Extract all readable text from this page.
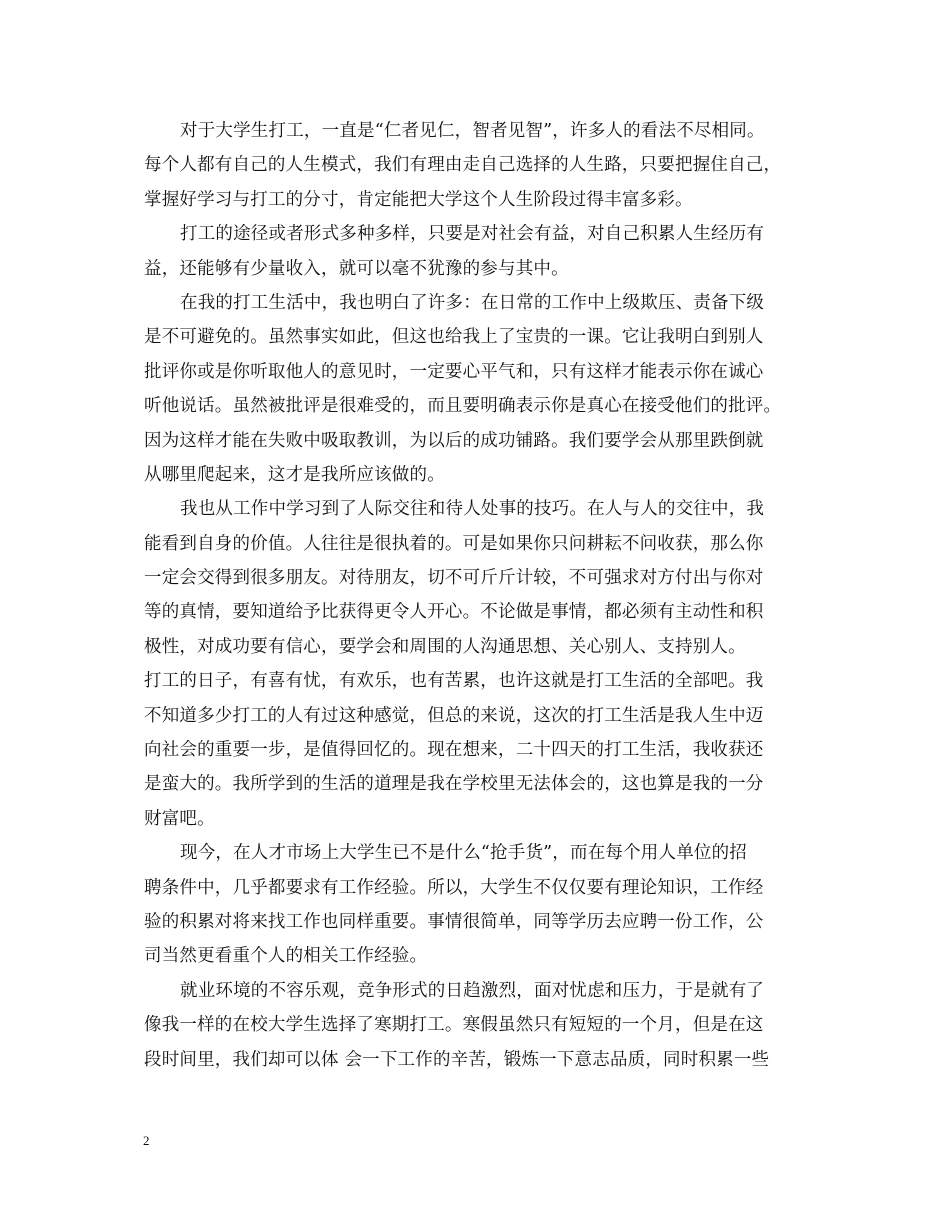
对于大学生打工，一直是“仁者见仁，智者见智”，许多人的看法不尽相同。
每个人都有自己的人生模式，我们有理由走自己选择的人生路，只要把握住自己，
掌握好学习与打工的分寸，肯定能把大学这个人生阶段过得丰富多彩。
打工的途径或者形式多种多样，只要是对社会有益，对自己积累人生经历有
益，还能够有少量收入，就可以毫不犹豫的参与其中。
在我的打工生活中，我也明白了许多：在日常的工作中上级欺压、责备下级
是不可避免的。虽然事实如此，但这也给我上了宝贵的一课。它让我明白到别人
批评你或是你听取他人的意见时，一定要心平气和，只有这样才能表示你在诚心
听他说话。虽然被批评是很难受的，而且要明确表示你是真心在接受他们的批评。
因为这样才能在失败中吸取教训，为以后的成功铺路。我们要学会从那里跌倒就
从哪里爬起来，这才是我所应该做的。
我也从工作中学习到了人际交往和待人处事的技巧。在人与人的交往中，我
能看到自身的价值。人往往是很执着的。可是如果你只问耕耘不问收获，那么你
一定会交得到很多朋友。对待朋友，切不可斤斤计较，不可强求对方付出与你对
等的真情，要知道给予比获得更令人开心。不论做是事情，都必须有主动性和积
极性，对成功要有信心，要学会和周围的人沟通思想、关心别人、支持别人。
打工的日子，有喜有忧，有欢乐，也有苦累，也许这就是打工生活的全部吧。我
不知道多少打工的人有过这种感觉，但总的来说，这次的打工生活是我人生中迈
向社会的重要一步，是值得回忆的。现在想来，二十四天的打工生活，我收获还
是蛮大的。我所学到的生活的道理是我在学校里无法体会的，这也算是我的一分
财富吧。
现今，在人才市场上大学生已不是什么“抢手货”，而在每个用人单位的招
聘条件中，几乎都要求有工作经验。所以，大学生不仅仅要有理论知识，工作经
验的积累对将来找工作也同样重要。事情很简单，同等学历去应聘一份工作，公
司当然更看重个人的相关工作经验。
就业环境的不容乐观，竞争形式的日趋激烈，面对忧虑和压力，于是就有了
像我一样的在校大学生选择了寒期打工。寒假虽然只有短短的一个月，但是在这
段时间里，我们却可以体 会一下工作的辛苦，锻炼一下意志品质，同时积累一些
2
